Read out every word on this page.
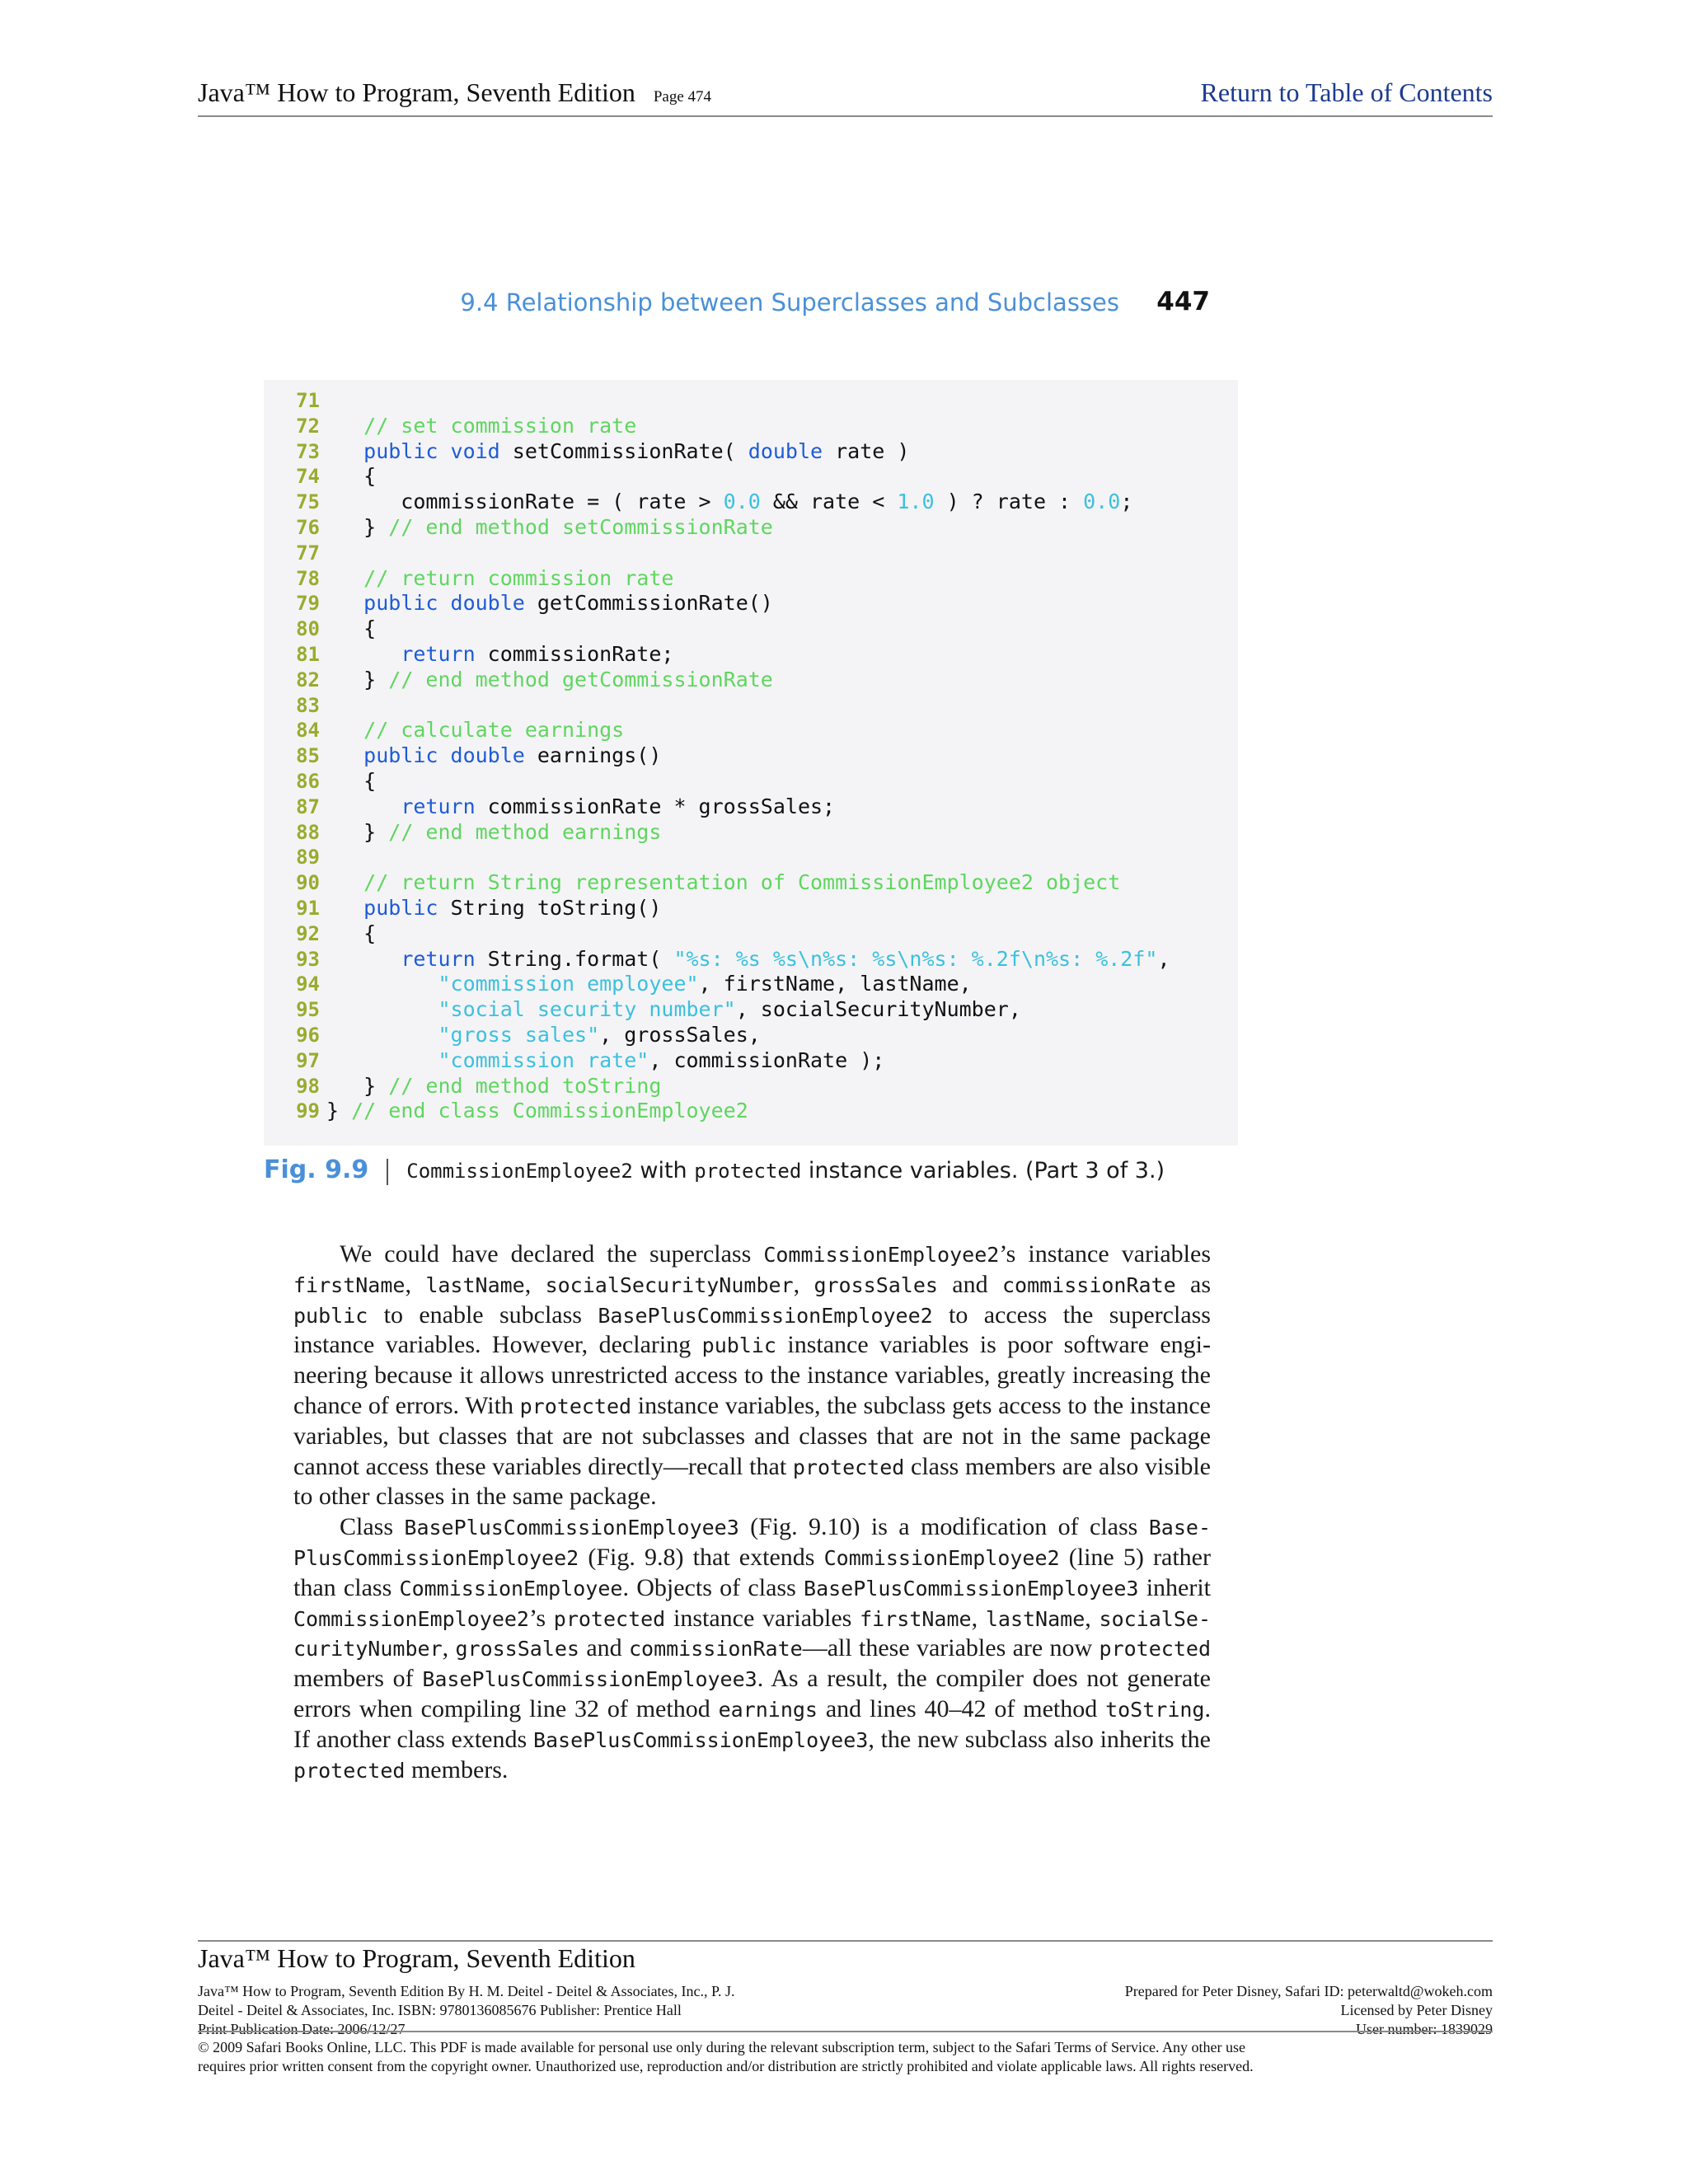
Java™ How to Program, Seventh Edition Page 474	Return to Table of Contents
9.4 Relationship between Superclasses and Subclasses 447
71
72 // set commission rate
73	public void setCommissionRate( double rate )
74 {
75 commissionRate = ( rate > 0.0 && rate < 1.0 ) ? rate : 0.0;
76 } // end method setCommissionRate
77
78 // return commission rate
79	public double getCommissionRate()
80 {
81	return commissionRate;
82 } // end method getCommissionRate
83
84 // calculate earnings
85	public double earnings()
86 {
87	return commissionRate * grossSales;
88 } // end method earnings
89
90 // return String representation of CommissionEmployee2 object
91	public String toString()
92 {
93	return String.format( "%s: %s %s\n%s: %s\n%s: %.2f\n%s: %.2f",
94	"commission employee", firstName, lastName,
95	"social security number", socialSecurityNumber,
96	"gross sales", grossSales,
97	"commission rate", commissionRate );
98 } // end method toString
99 } // end class CommissionEmployee2
Fig. 9.9 CommissionEmployee2 with protected instance variables. (Part 3 of 3.)
We could have declared the superclass CommissionEmployee2’s instance variables
firstName, lastName, socialSecurityNumber, grossSales and commissionRate as
public to enable subclass BasePlusCommissionEmployee2 to access the superclass
instance variables. However, declaring public instance variables is poor software engi-
neering because it allows unrestricted access to the instance variables, greatly increasing the
chance of errors. With protected instance variables, the subclass gets access to the instance
variables, but classes that are not subclasses and classes that are not in the same package
cannot access these variables directly—recall that protected class members are also visible
to other classes in the same package.
Class BasePlusCommissionEmployee3 (Fig. 9.10) is a modification of class Base-
PlusCommissionEmployee2 (Fig. 9.8) that extends CommissionEmployee2 (line 5) rather
than class CommissionEmployee. Objects of class BasePlusCommissionEmployee3 inherit
CommissionEmployee2’s protected instance variables firstName, lastName, socialSe-
curityNumber, grossSales and commissionRate—all these variables are now protected
members of BasePlusCommissionEmployee3. As a result, the compiler does not generate
errors when compiling line 32 of method earnings and lines 40–42 of method toString.
If another class extends BasePlusCommissionEmployee3, the new subclass also inherits the
protected members.
Java™ How to Program, Seventh Edition
Java™ How to Program, Seventh Edition By H. M. Deitel - Deitel & Associates, Inc., P. J.
Deitel - Deitel & Associates, Inc. ISBN: 9780136085676 Publisher: Prentice Hall
Print Publication Date: 2006/12/27
Prepared for Peter Disney, Safari ID: peterwaltd@wokeh.com
Licensed by Peter Disney
User number: 1839029
© 2009 Safari Books Online, LLC. This PDF is made available for personal use only during the relevant subscription term, subject to the Safari Terms of Service. Any other use
requires prior written consent from the copyright owner. Unauthorized use, reproduction and/or distribution are strictly prohibited and violate applicable laws. All rights reserved.
